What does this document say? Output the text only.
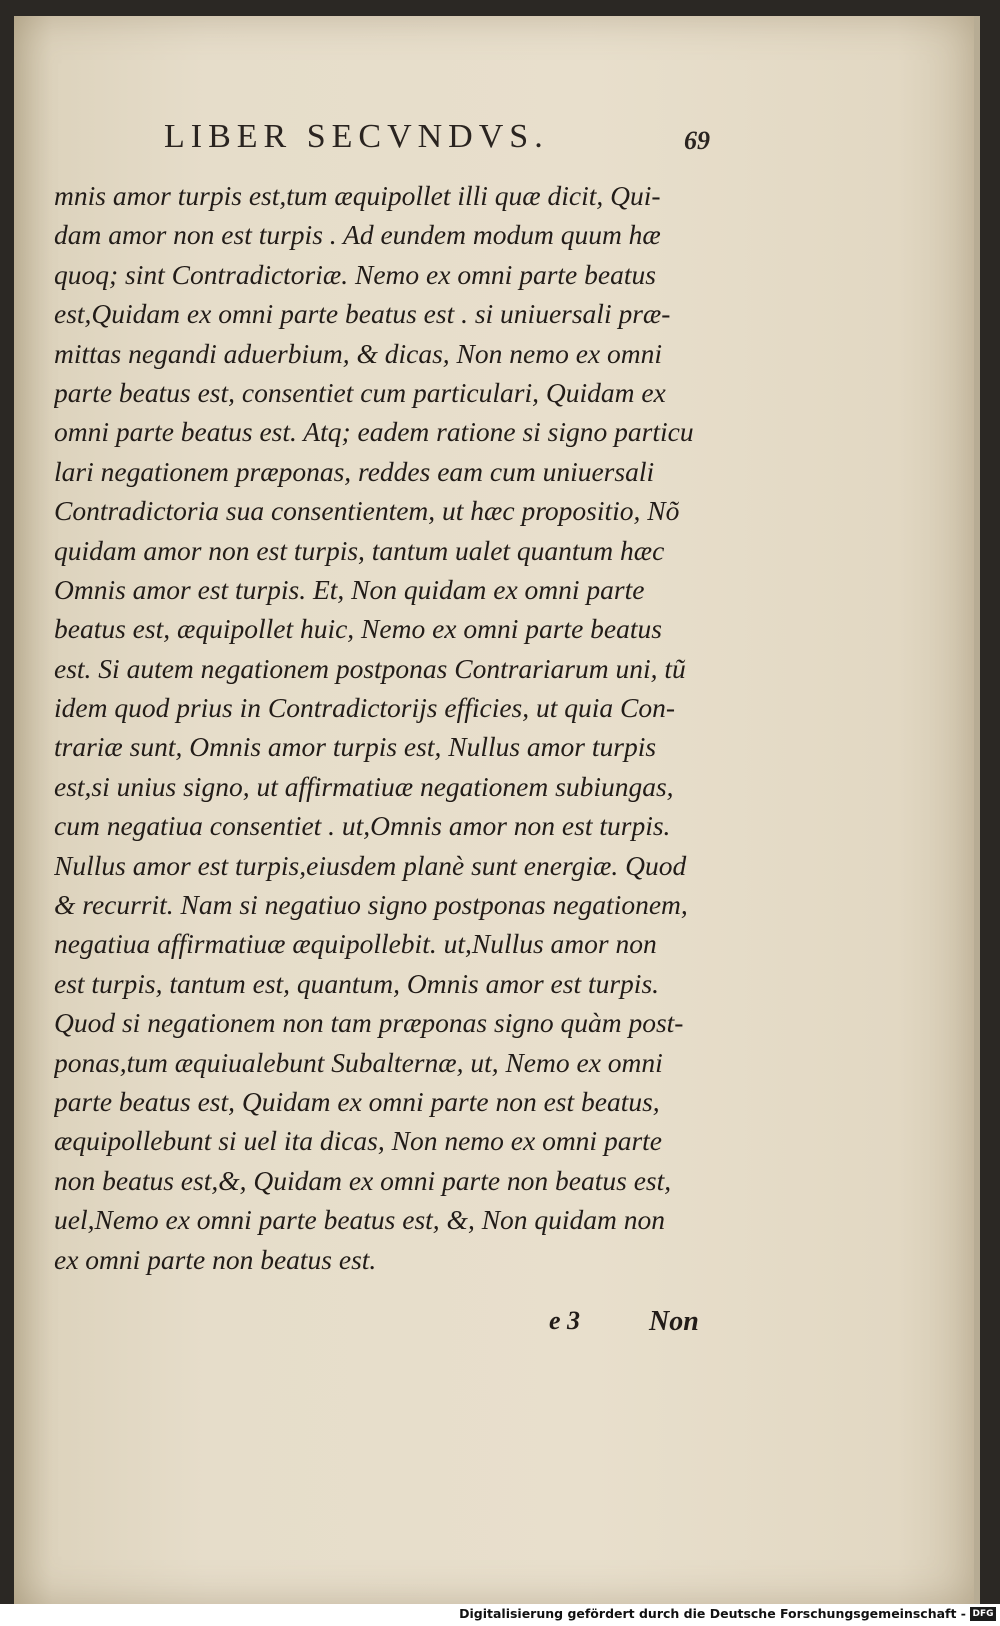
LIBER SECVNDVS.	69
mnis amor turpis est,tum æquipollet illi quæ dicit, Qui-
dam amor non est turpis . Ad eundem modum quum hæ
quoq; sint Contradictoriæ. Nemo ex omni parte beatus
est,Quidam ex omni parte beatus est . si uniuersali præ-
mittas negandi aduerbium, & dicas, Non nemo ex omni
parte beatus est, consentiet cum particulari, Quidam ex
omni parte beatus est. Atq; eadem ratione si signo particu
lari negationem præponas, reddes eam cum uniuersali
Contradictoria sua consentientem, ut hæc propositio, Nõ
quidam amor non est turpis, tantum ualet quantum hæc
Omnis amor est turpis. Et, Non quidam ex omni parte
beatus est, æquipollet huic, Nemo ex omni parte beatus
est. Si autem negationem postponas Contrariarum uni, tũ
idem quod prius in Contradictorijs efficies, ut quia Con-
trariæ sunt, Omnis amor turpis est, Nullus amor turpis
est,si unius signo, ut affirmatiuæ negationem subiungas,
cum negatiua consentiet . ut,Omnis amor non est turpis.
Nullus amor est turpis,eiusdem planè sunt energiæ. Quod
& recurrit. Nam si negatiuo signo postponas negationem,
negatiua affirmatiuæ æquipollebit. ut,Nullus amor non
est turpis, tantum est, quantum, Omnis amor est turpis.
Quod si negationem non tam præponas signo quàm post-
ponas,tum æquiualebunt Subalternæ, ut, Nemo ex omni
parte beatus est, Quidam ex omni parte non est beatus,
æquipollebunt si uel ita dicas, Non nemo ex omni parte
non beatus est,&, Quidam ex omni parte non beatus est,
uel,Nemo ex omni parte beatus est, &, Non quidam non
ex omni parte non beatus est.
e 3 Non
Digitalisierung gefördert durch die Deutsche Forschungsgemeinschaft - DFG
